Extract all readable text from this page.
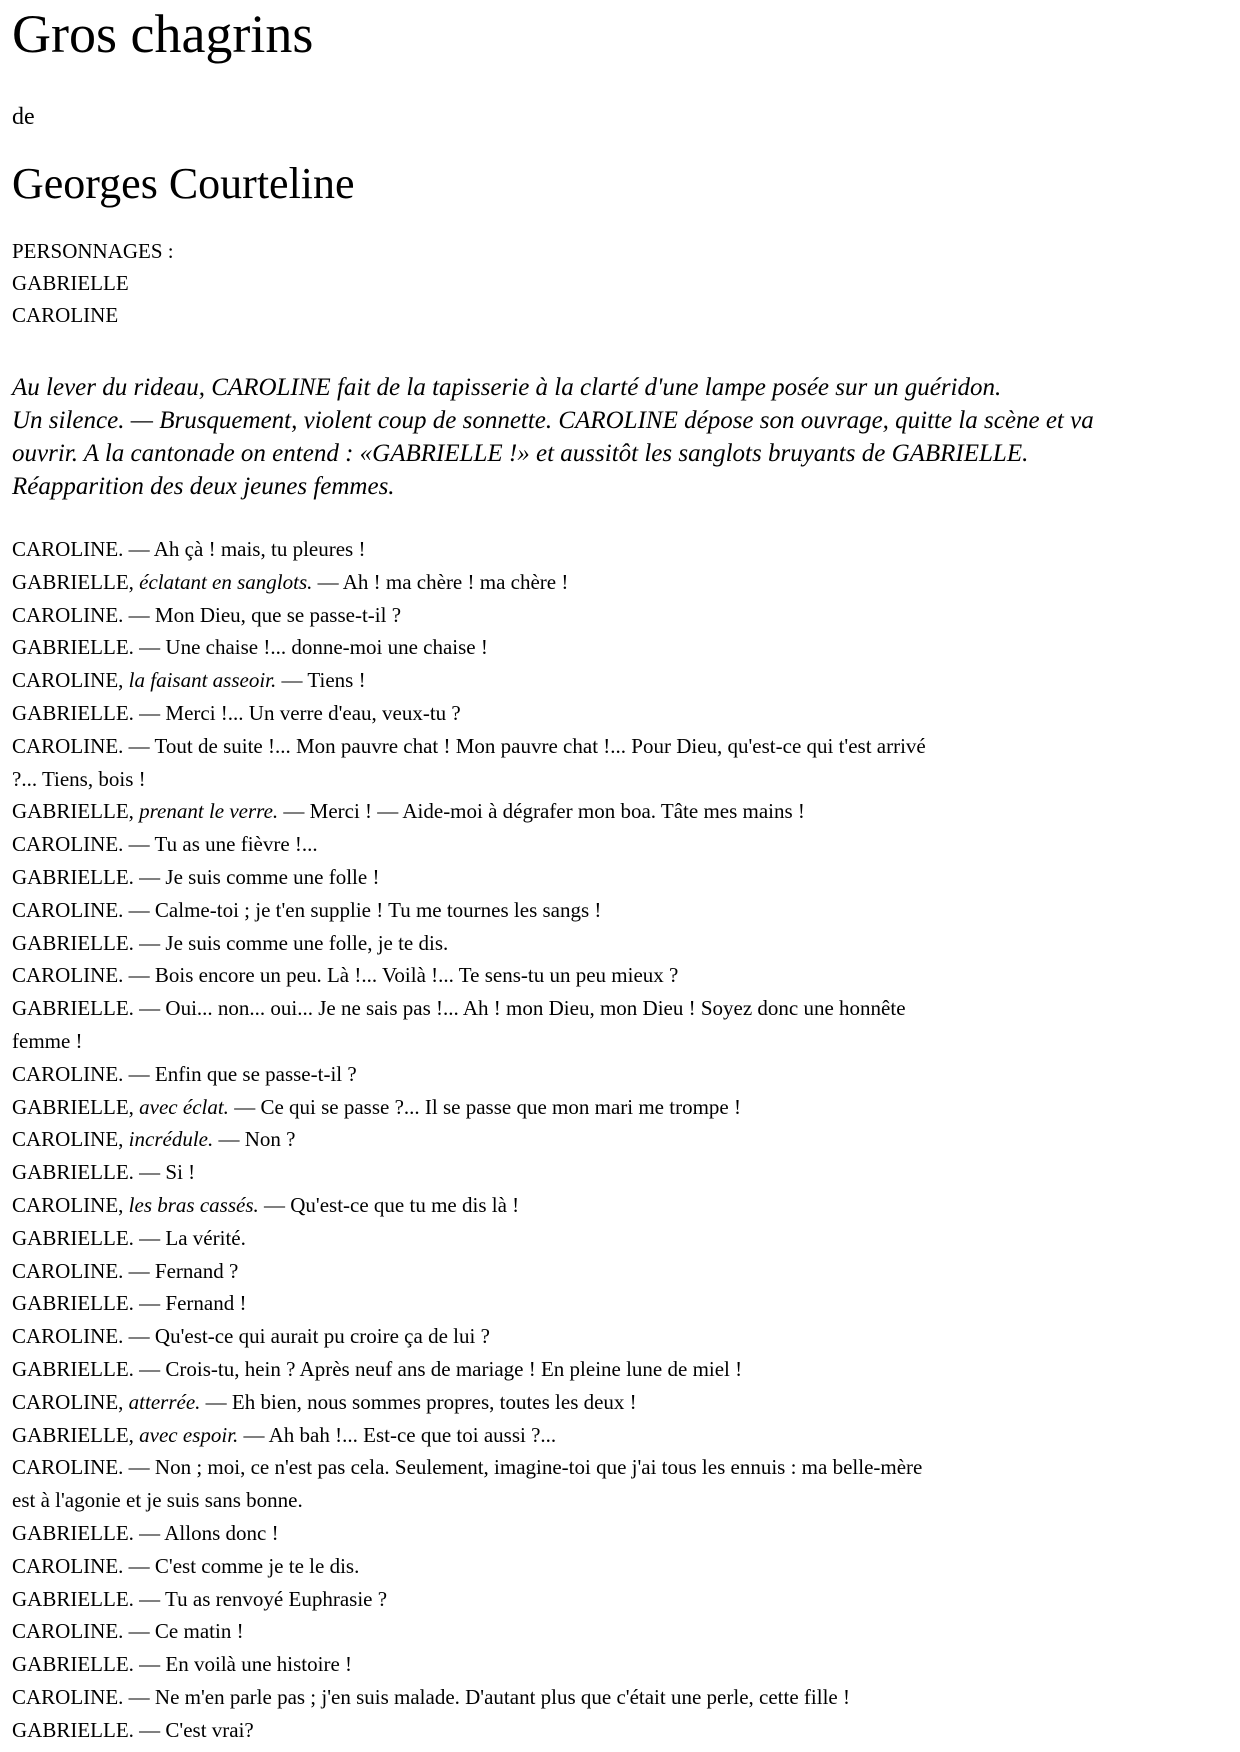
Gros chagrins
de
Georges Courteline
PERSONNAGES :
GABRIELLE
CAROLINE
Au lever du rideau, CAROLINE fait de la tapisserie à la clarté d'une lampe posée sur un guéridon.
Un silence. — Brusquement, violent coup de sonnette. CAROLINE dépose son ouvrage, quitte la scène et va
ouvrir. A la cantonade on entend : «GABRIELLE !» et aussitôt les sanglots bruyants de GABRIELLE.
Réapparition des deux jeunes femmes.
CAROLINE. — Ah çà ! mais, tu pleures !
GABRIELLE, éclatant en sanglots. — Ah ! ma chère ! ma chère !
CAROLINE. — Mon Dieu, que se passe-t-il ?
GABRIELLE. — Une chaise !... donne-moi une chaise !
CAROLINE, la faisant asseoir. — Tiens !
GABRIELLE. — Merci !... Un verre d'eau, veux-tu ?
CAROLINE. — Tout de suite !... Mon pauvre chat ! Mon pauvre chat !... Pour Dieu, qu'est-ce qui t'est arrivé
?... Tiens, bois !
GABRIELLE, prenant le verre. — Merci ! — Aide-moi à dégrafer mon boa. Tâte mes mains !
CAROLINE. — Tu as une fièvre !...
GABRIELLE. — Je suis comme une folle !
CAROLINE. — Calme-toi ; je t'en supplie ! Tu me tournes les sangs !
GABRIELLE. — Je suis comme une folle, je te dis.
CAROLINE. — Bois encore un peu. Là !... Voilà !... Te sens-tu un peu mieux ?
GABRIELLE. — Oui... non... oui... Je ne sais pas !... Ah ! mon Dieu, mon Dieu ! Soyez donc une honnête
femme !
CAROLINE. — Enfin que se passe-t-il ?
GABRIELLE, avec éclat. — Ce qui se passe ?... Il se passe que mon mari me trompe !
CAROLINE, incrédule. — Non ?
GABRIELLE. — Si !
CAROLINE, les bras cassés. — Qu'est-ce que tu me dis là !
GABRIELLE. — La vérité.
CAROLINE. — Fernand ?
GABRIELLE. — Fernand !
CAROLINE. — Qu'est-ce qui aurait pu croire ça de lui ?
GABRIELLE. — Crois-tu, hein ? Après neuf ans de mariage ! En pleine lune de miel !
CAROLINE, atterrée. — Eh bien, nous sommes propres, toutes les deux !
GABRIELLE, avec espoir. — Ah bah !... Est-ce que toi aussi ?...
CAROLINE. — Non ; moi, ce n'est pas cela. Seulement, imagine-toi que j'ai tous les ennuis : ma belle-mère
est à l'agonie et je suis sans bonne.
GABRIELLE. — Allons donc !
CAROLINE. — C'est comme je te le dis.
GABRIELLE. — Tu as renvoyé Euphrasie ?
CAROLINE. — Ce matin !
GABRIELLE. — En voilà une histoire !
CAROLINE. — Ne m'en parle pas ; j'en suis malade. D'autant plus que c'était une perle, cette fille !
GABRIELLE. — C'est vrai?
